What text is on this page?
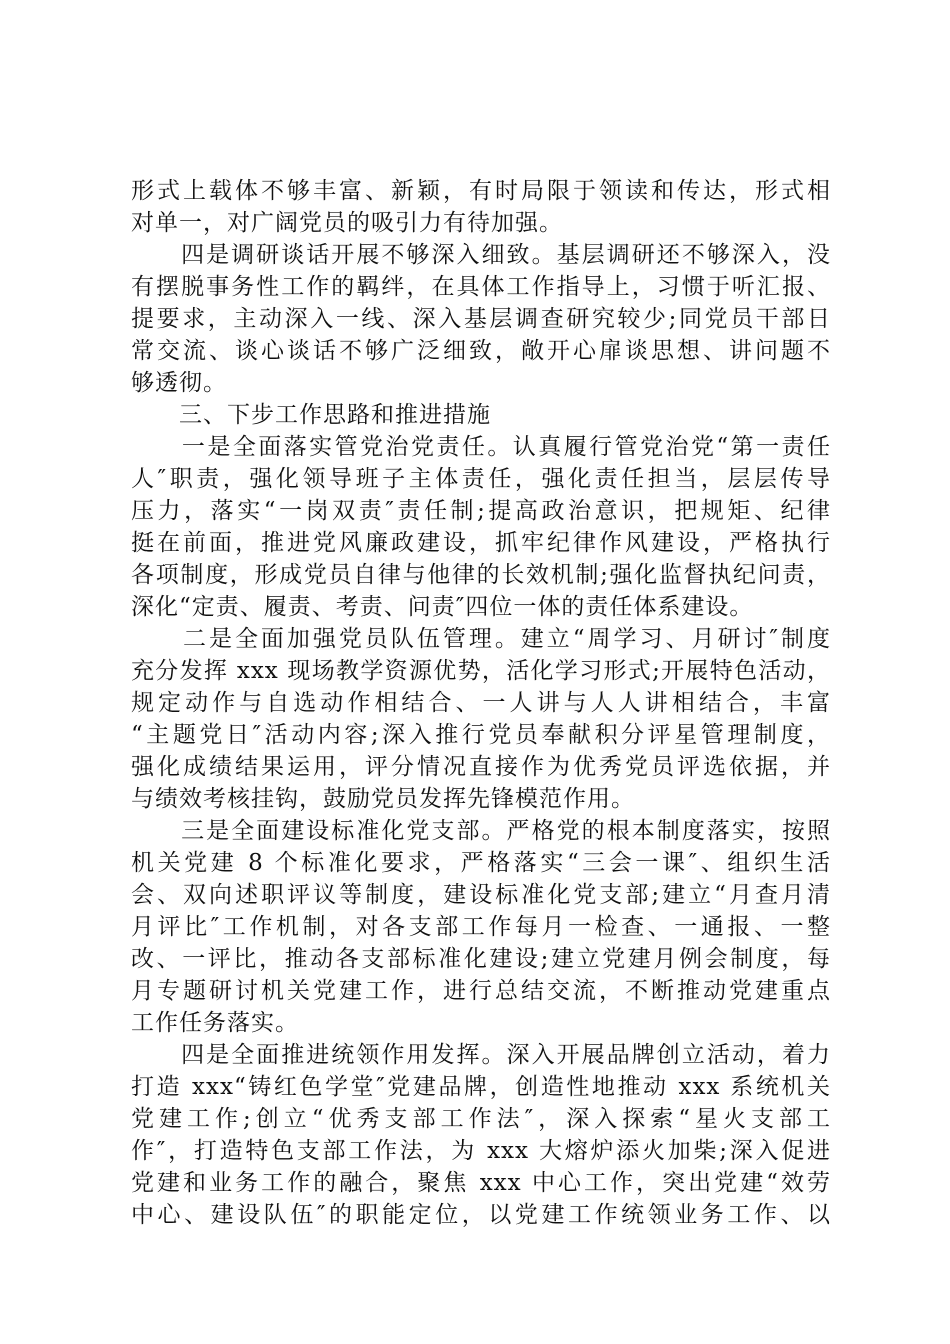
形式上载体不够丰富、新颖，有时局限于领读和传达，形式相
对单一，对广阔党员的吸引力有待加强。
　　四是调研谈话开展不够深入细致。基层调研还不够深入，没
有摆脱事务性工作的羁绊，在具体工作指导上，习惯于听汇报、
提要求，主动深入一线、深入基层调查研究较少;同党员干部日
常交流、谈心谈话不够广泛细致，敞开心扉谈思想、讲问题不
够透彻。
　　三、下步工作思路和推进措施
　　一是全面落实管党治党责任。认真履行管党治党“第一责任
人″职责，强化领导班子主体责任，强化责任担当，层层传导
压力，落实“一岗双责″责任制;提高政治意识，把规矩、纪律
挺在前面，推进党风廉政建设，抓牢纪律作风建设，严格执行
各项制度，形成党员自律与他律的长效机制;强化监督执纪问责，
深化“定责、履责、考责、问责″四位一体的责任体系建设。
　　二是全面加强党员队伍管理。建立“周学习、月研讨″制度
充分发挥 xxx 现场教学资源优势，活化学习形式;开展特色活动，
规定动作与自选动作相结合、一人讲与人人讲相结合，丰富
“主题党日″活动内容;深入推行党员奉献积分评星管理制度，
强化成绩结果运用，评分情况直接作为优秀党员评选依据，并
与绩效考核挂钩，鼓励党员发挥先锋模范作用。
　　三是全面建设标准化党支部。严格党的根本制度落实，按照
机关党建 8 个标准化要求，严格落实“三会一课″、组织生活
会、双向述职评议等制度，建设标准化党支部;建立“月查月清
月评比″工作机制，对各支部工作每月一检查、一通报、一整
改、一评比，推动各支部标准化建设;建立党建月例会制度，每
月专题研讨机关党建工作，进行总结交流，不断推动党建重点
工作任务落实。
　　四是全面推进统领作用发挥。深入开展品牌创立活动，着力
打造 xxx“铸红色学堂″党建品牌，创造性地推动 xxx 系统机关
党建工作;创立“优秀支部工作法″，深入探索“星火支部工
作″，打造特色支部工作法，为 xxx 大熔炉添火加柴;深入促进
党建和业务工作的融合，聚焦 xxx 中心工作，突出党建“效劳
中心、建设队伍″的职能定位，以党建工作统领业务工作、以
